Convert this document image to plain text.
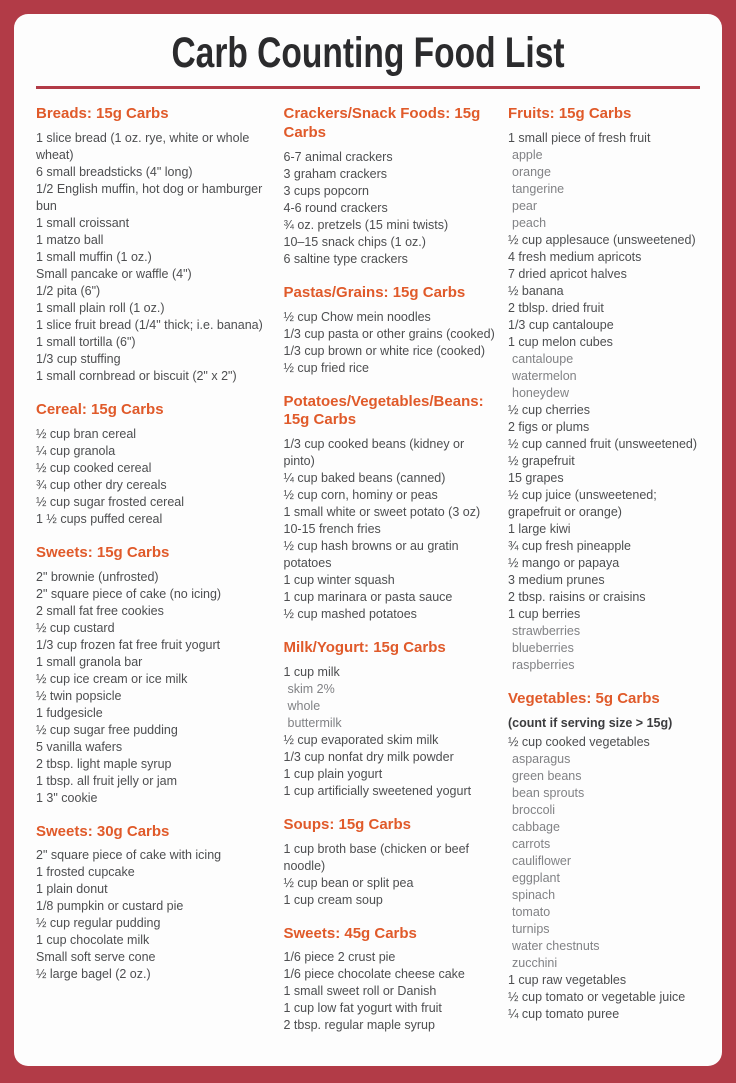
Carb Counting Food List
Breads: 15g Carbs
1 slice bread (1 oz. rye, white or whole wheat)
6 small breadsticks (4" long)
1/2 English muffin, hot dog or hamburger bun
1 small croissant
1 matzo ball
1 small muffin (1 oz.)
Small pancake or waffle (4")
1/2 pita (6")
1 small plain roll (1 oz.)
1 slice fruit bread (1/4" thick; i.e. banana)
1 small tortilla (6")
1/3 cup stuffing
1 small cornbread or biscuit (2" x 2")
Cereal: 15g Carbs
½ cup bran cereal
¼ cup granola
½ cup cooked cereal
¾ cup other dry cereals
½ cup sugar frosted cereal
1 ½ cups puffed cereal
Sweets: 15g Carbs
2" brownie (unfrosted)
2" square piece of cake (no icing)
2 small fat free cookies
½ cup custard
1/3 cup frozen fat free fruit yogurt
1 small granola bar
½ cup ice cream or ice milk
½ twin popsicle
1 fudgesicle
½ cup sugar free pudding
5 vanilla wafers
2 tbsp. light maple syrup
1 tbsp. all fruit jelly or jam
1 3" cookie
Sweets: 30g Carbs
2" square piece of cake with icing
1 frosted cupcake
1 plain donut
1/8 pumpkin or custard pie
½ cup regular pudding
1 cup chocolate milk
Small soft serve cone
½ large bagel (2 oz.)
Crackers/Snack Foods: 15g Carbs
6-7 animal crackers
3 graham crackers
3 cups popcorn
4-6 round crackers
¾ oz. pretzels (15 mini twists)
10–15 snack chips (1 oz.)
6 saltine type crackers
Pastas/Grains: 15g Carbs
½ cup Chow mein noodles
1/3 cup pasta or other grains (cooked)
1/3 cup brown or white rice (cooked)
½ cup fried rice
Potatoes/Vegetables/Beans: 15g Carbs
1/3 cup cooked beans (kidney or pinto)
¼ cup baked beans (canned)
½ cup corn, hominy or peas
1 small white or sweet potato (3 oz)
10-15 french fries
½ cup hash browns or au gratin potatoes
1 cup winter squash
1 cup marinara or pasta sauce
½ cup mashed potatoes
Milk/Yogurt: 15g Carbs
1 cup milk
skim 2%
whole
buttermilk
½ cup evaporated skim milk
1/3 cup nonfat dry milk powder
1 cup plain yogurt
1 cup artificially sweetened yogurt
Soups: 15g Carbs
1 cup broth base (chicken or beef noodle)
½ cup bean or split pea
1 cup cream soup
Sweets: 45g Carbs
1/6 piece 2 crust pie
1/6 piece chocolate cheese cake
1 small sweet roll or Danish
1 cup low fat yogurt with fruit
2 tbsp. regular maple syrup
Fruits: 15g Carbs
1 small piece of fresh fruit
apple
orange
tangerine
pear
peach
½ cup applesauce (unsweetened)
4 fresh medium apricots
7 dried apricot halves
½ banana
2 tblsp. dried fruit
1/3 cup cantaloupe
1 cup melon cubes
cantaloupe
watermelon
honeydew
½ cup cherries
2 figs or plums
½ cup canned fruit (unsweetened)
½ grapefruit
15 grapes
½ cup juice (unsweetened; grapefruit or orange)
1 large kiwi
¾ cup fresh pineapple
½ mango or papaya
3 medium prunes
2 tbsp. raisins or craisins
1 cup berries
strawberries
blueberries
raspberries
Vegetables: 5g Carbs
(count if serving size > 15g)
½ cup cooked vegetables
asparagus
green beans
bean sprouts
broccoli
cabbage
carrots
cauliflower
eggplant
spinach
tomato
turnips
water chestnuts
zucchini
1 cup raw vegetables
½ cup tomato or vegetable juice
¼ cup tomato puree
